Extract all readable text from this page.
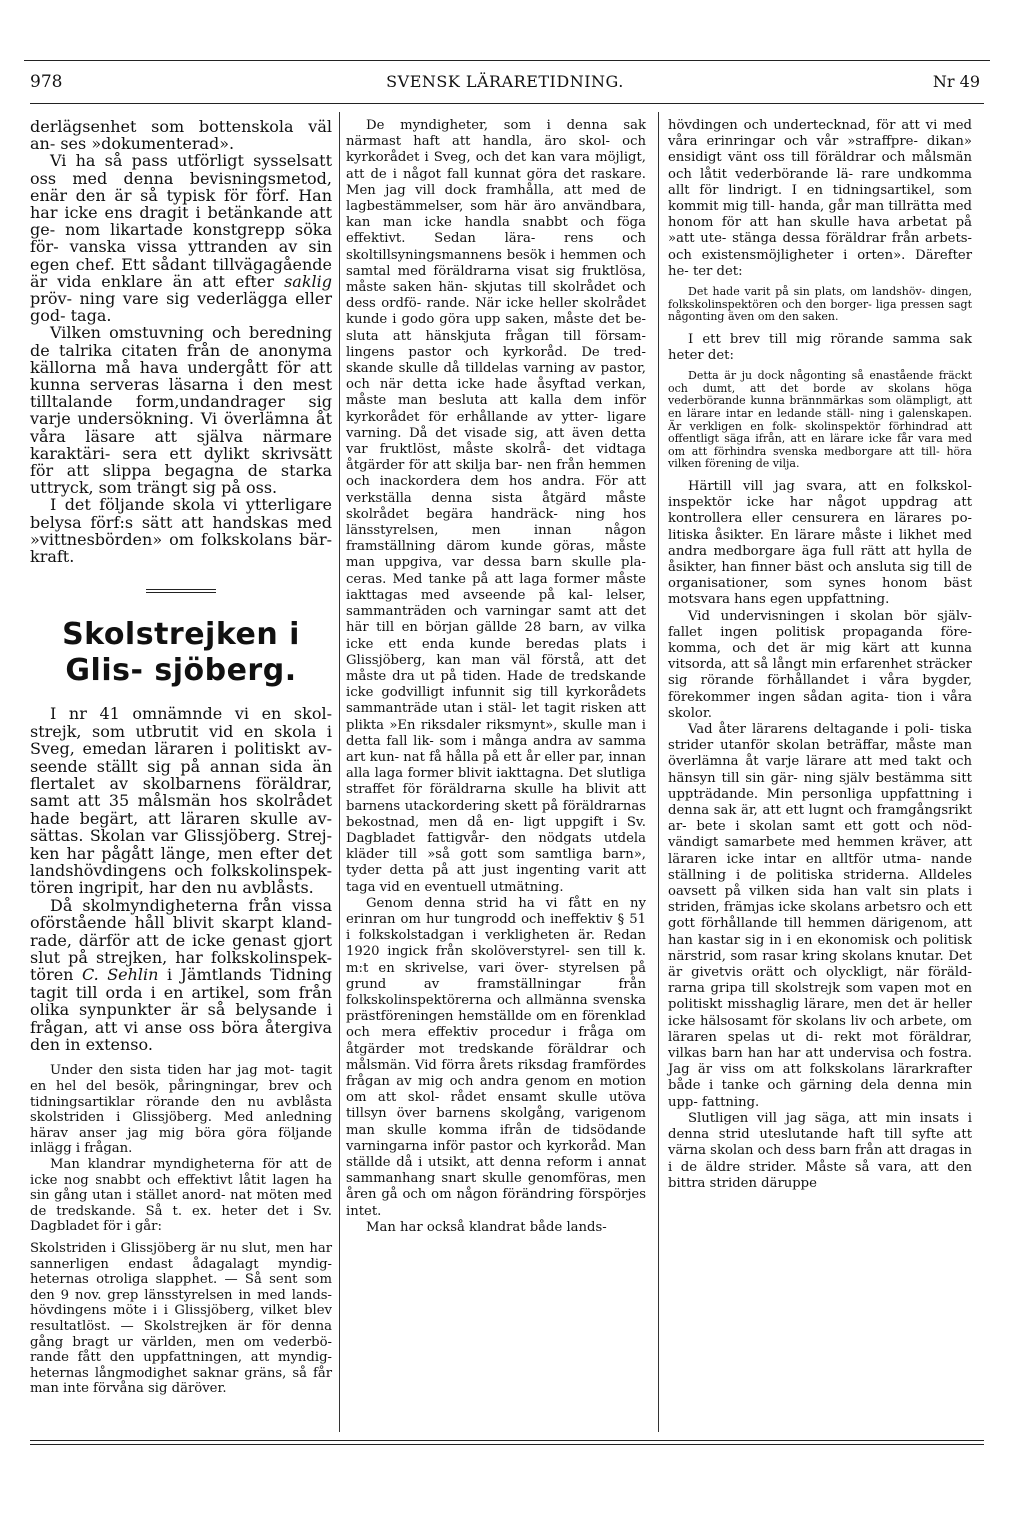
SVENSK LÄRARETIDNING.
978	Nr 49

derlägsenhet som bottenskola väl an- ses »dokumenterad».

Vi ha så pass utförligt sysselsatt oss med denna bevisningsmetod, enär den är så typisk för förf. Han har icke ens dragit i betänkande att ge- nom likartade konstgrepp söka för- vanska vissa yttranden av sin egen chef. Ett sådant tillvägagående är vida enklare än att efter saklig pröv- ning vare sig vederlägga eller god- taga.

Vilken omstuvning och beredning de talrika citaten från de anonyma källorna må hava undergått för att kunna serveras läsarna i den mest tilltalande form,undandrager sig varje undersökning. Vi överlämna åt våra läsare att själva närmare karaktäri- sera ett dylikt skrivsätt för att slippa begagna de starka uttryck, som trängt sig på oss.

I det följande skola vi ytterligare belysa förf:s sätt att handskas med »vittnesbörden» om folkskolans bär- kraft.

Skolstrejken i Glis- sjöberg.

I nr 41 omnämnde vi en skol- strejk, som utbrutit vid en skola i Sveg, emedan läraren i politiskt av- seende ställt sig på annan sida än flertalet av skolbarnens föräldrar, samt att 35 målsmän hos skolrådet hade begärt, att läraren skulle av- sättas. Skolan var Glissjöberg. Strej- ken har pågått länge, men efter det landshövdingens och folkskolinspek- tören ingripit, har den nu avblåsts.

Då skolmyndigheterna från vissa oförstående håll blivit skarpt kland- rade, därför att de icke genast gjort slut på strejken, har folkskolinspek- tören C. Sehlin i Jämtlands Tidning tagit till orda i en artikel, som från olika synpunkter är så belysande i frågan, att vi anse oss böra återgiva den in extenso.

Under den sista tiden har jag mot- tagit en hel del besök, påringningar, brev och tidningsartiklar rörande den nu avblåsta skolstriden i Glissjöberg. Med anledning härav anser jag mig böra göra följande inlägg i frågan.

Man klandrar myndigheterna för att de icke nog snabbt och effektivt låtit lagen ha sin gång utan i stället anord- nat möten med de tredskande. Så t. ex. heter det i Sv. Dagbladet för i går:

Skolstriden i Glissjöberg är nu slut, men har sannerligen endast ådagalagt myndig- heternas otroliga slapphet. — Så sent som den 9 nov. grep länsstyrelsen in med lands- hövdingens möte i i Glissjöberg, vilket blev resultatlöst. — Skolstrejken är för denna gång bragt ur världen, men om vederbö- rande fått den uppfattningen, att myndig- heternas långmodighet saknar gräns, så får man inte förvåna sig däröver.

De myndigheter, som i denna sak närmast haft att handla, äro skol- och kyrkorådet i Sveg, och det kan vara möjligt, att de i något fall kunnat göra det raskare. Men jag vill dock framhålla, att med de lagbestämmelser, som här äro användbara, kan man icke handla snabbt och föga effektivt. Sedan lära- rens och skoltillsyningsmannens besök i hemmen och samtal med föräldrarna visat sig fruktlösa, måste saken hän- skjutas till skolrådet och dess ordfö- rande. När icke heller skolrådet kunde i godo göra upp saken, måste det be- sluta att hänskjuta frågan till försam- lingens pastor och kyrkoråd. De tred- skande skulle då tilldelas varning av pastor, och när detta icke hade åsyftad verkan, måste man besluta att kalla dem inför kyrkorådet för erhållande av ytter- ligare varning. Då det visade sig, att även detta var fruktlöst, måste skolrå- det vidtaga åtgärder för att skilja bar- nen från hemmen och inackordera dem hos andra. För att verkställa denna sista åtgärd måste skolrådet begära handräck- ning hos länsstyrelsen, men innan någon framställning därom kunde göras, måste man uppgiva, var dessa barn skulle pla- ceras. Med tanke på att laga former måste iakttagas med avseende på kal- lelser, sammanträden och varningar samt att det här till en början gällde 28 barn, av vilka icke ett enda kunde beredas plats i Glissjöberg, kan man väl förstå, att det måste dra ut på tiden. Hade de tredskande icke godvilligt infunnit sig till kyrkorådets sammanträde utan i stäl- let tagit risken att plikta »En riksdaler riksmynt», skulle man i detta fall lik- som i många andra av samma art kun- nat få hålla på ett år eller par, innan alla laga former blivit iakttagna. Det slutliga straffet för föräldrarna skulle ha blivit att barnens utackordering skett på föräldrarnas bekostnad, men då en- ligt uppgift i Sv. Dagbladet fattigvår- den nödgats utdela kläder till »så gott som samtliga barn», tyder detta på att just ingenting varit att taga vid en eventuell utmätning.

Genom denna strid ha vi fått en ny erinran om hur tungrodd och ineffektiv § 51 i folkskolstadgan i verkligheten är. Redan 1920 ingick från skolöverstyrel- sen till k. m:t en skrivelse, vari över- styrelsen på grund av framställningar från folkskolinspektörerna och allmänna svenska prästföreningen hemställde om en förenklad och mera effektiv procedur i fråga om åtgärder mot tredskande föräldrar och målsmän. Vid förra årets riksdag framfördes frågan av mig och andra genom en motion om att skol- rådet ensamt skulle utöva tillsyn över barnens skolgång, varigenom man skulle komma ifrån de tidsödande varningarna inför pastor och kyrkoråd. Man ställde då i utsikt, att denna reform i annat sammanhang snart skulle genomföras, men åren gå och om någon förändring förspörjes intet.

Man har också klandrat både lands-

hövdingen och undertecknad, för att vi med våra erinringar och vår »straffpre- dikan» ensidigt vänt oss till föräldrar och målsmän och låtit vederbörande lä- rare undkomma allt för lindrigt. I en tidningsartikel, som kommit mig till- handa, går man tillrätta med honom för att han skulle hava arbetat på »att ute- stänga dessa föräldrar från arbets- och existensmöjligheter i orten». Därefter he- ter det:

Det hade varit på sin plats, om landshöv- dingen, folkskolinspektören och den borger- liga pressen sagt någonting även om den saken.

I ett brev till mig rörande samma sak heter det:

Detta är ju dock någonting så enastående fräckt och dumt, att det borde av skolans höga vederbörande kunna brännmärkas som olämpligt, att en lärare intar en ledande ställ- ning i galenskapen. Är verkligen en folk- skolinspektör förhindrad att offentligt säga ifrån, att en lärare icke får vara med om att förhindra svenska medborgare att till- höra vilken förening de vilja.

Härtill vill jag svara, att en folkskol- inspektör icke har något uppdrag att kontrollera eller censurera en lärares po- litiska åsikter. En lärare måste i likhet med andra medborgare äga full rätt att hylla de åsikter, han finner bäst och ansluta sig till de organisationer, som synes honom bäst motsvara hans egen uppfattning.

Vid undervisningen i skolan bör själv- fallet ingen politisk propaganda före- komma, och det är mig kärt att kunna vitsorda, att så långt min erfarenhet sträcker sig rörande förhållandet i våra bygder, förekommer ingen sådan agita- tion i våra skolor.

Vad åter lärarens deltagande i poli- tiska strider utanför skolan beträffar, måste man överlämna åt varje lärare att med takt och hänsyn till sin gär- ning själv bestämma sitt uppträdande. Min personliga uppfattning i denna sak är, att ett lugnt och framgångsrikt ar- bete i skolan samt ett gott och nöd- vändigt samarbete med hemmen kräver, att läraren icke intar en alltför utma- nande ställning i de politiska striderna. Alldeles oavsett på vilken sida han valt sin plats i striden, främjas icke skolans arbetsro och ett gott förhållande till hemmen därigenom, att han kastar sig in i en ekonomisk och politisk närstrid, som rasar kring skolans knutar. Det är givetvis orätt och olyckligt, när föräld- rarna gripa till skolstrejk som vapen mot en politiskt misshaglig lärare, men det är heller icke hälsosamt för skolans liv och arbete, om läraren spelas ut di- rekt mot föräldrar, vilkas barn han har att undervisa och fostra. Jag är viss om att folkskolans lärarkrafter både i tanke och gärning dela denna min upp- fattning.

Slutligen vill jag säga, att min insats i denna strid uteslutande haft till syfte att värna skolan och dess barn från att dragas in i de äldre strider. Måste så vara, att den bittra striden däruppe
